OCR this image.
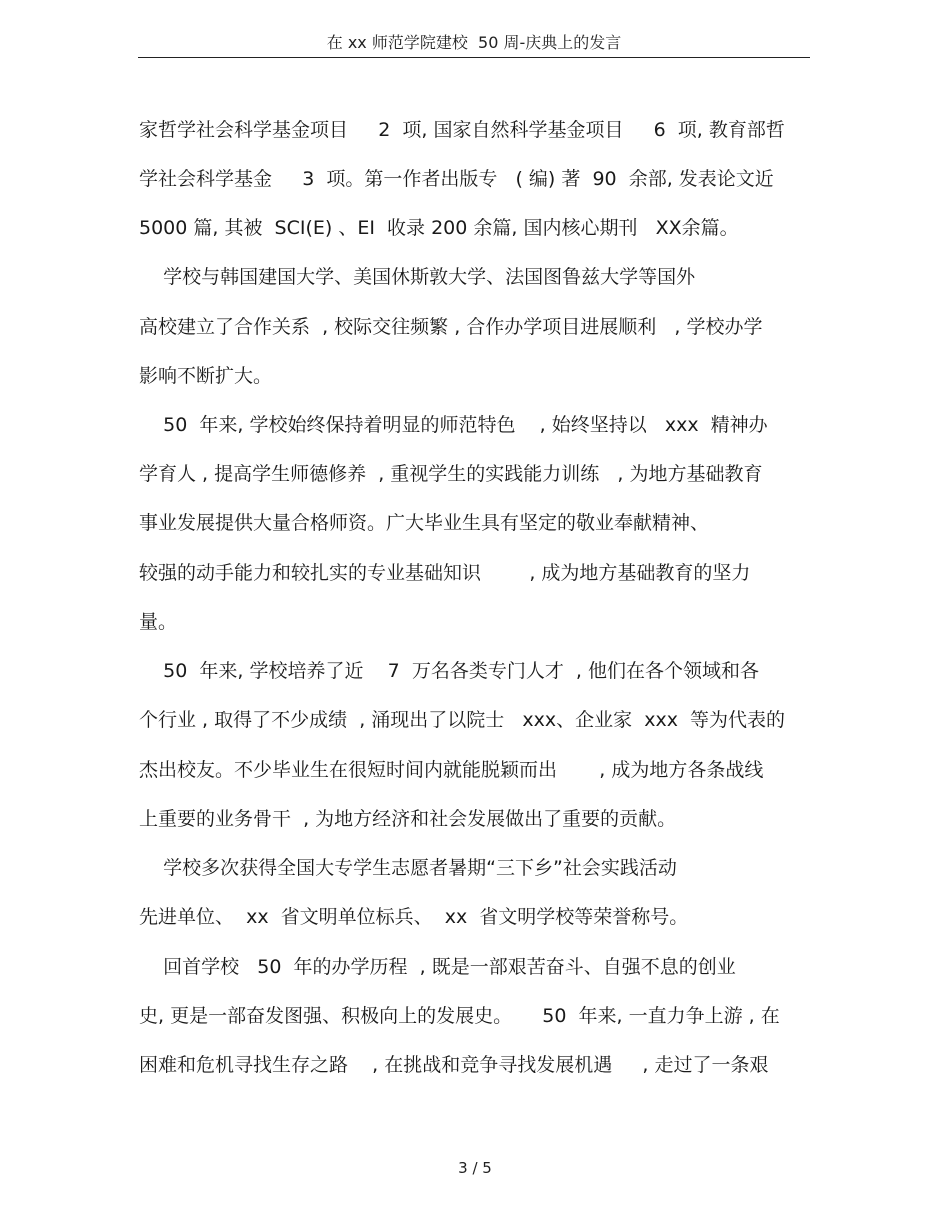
在 xx 师范学院建校  50 周-庆典上的发言
家哲学社会科学基金项目     2  项, 国家自然科学基金项目     6  项, 教育部哲
学社会科学基金     3  项。第一作者出版专   ( 编) 著  90  余部, 发表论文近
5000 篇, 其被  SCI(E) 、EI  收录 200 余篇, 国内核心期刊   XX余篇。
学校与韩国建国大学、美国休斯敦大学、法国图鲁兹大学等国外
高校建立了合作关系  , 校际交往频繁 , 合作办学项目进展顺利   , 学校办学
影响不断扩大。
50  年来, 学校始终保持着明显的师范特色    , 始终坚持以   xxx  精神办
学育人 , 提高学生师德修养  , 重视学生的实践能力训练   , 为地方基础教育
事业发展提供大量合格师资。广大毕业生具有坚定的敬业奉献精神、
较强的动手能力和较扎实的专业基础知识        , 成为地方基础教育的坚力
量。
50  年来, 学校培养了近    7  万名各类专门人才  , 他们在各个领域和各
个行业 , 取得了不少成绩  , 涌现出了以院士   xxx、企业家  xxx  等为代表的
杰出校友。不少毕业生在很短时间内就能脱颖而出       , 成为地方各条战线
上重要的业务骨干  , 为地方经济和社会发展做出了重要的贡献。
学校多次获得全国大专学生志愿者暑期“三下乡”社会实践活动
先进单位、  xx  省文明单位标兵、  xx  省文明学校等荣誉称号。
回首学校   50  年的办学历程  , 既是一部艰苦奋斗、自强不息的创业
史, 更是一部奋发图强、积极向上的发展史。     50  年来, 一直力争上游 , 在
困难和危机寻找生存之路    , 在挑战和竞争寻找发展机遇     , 走过了一条艰
3 / 5
